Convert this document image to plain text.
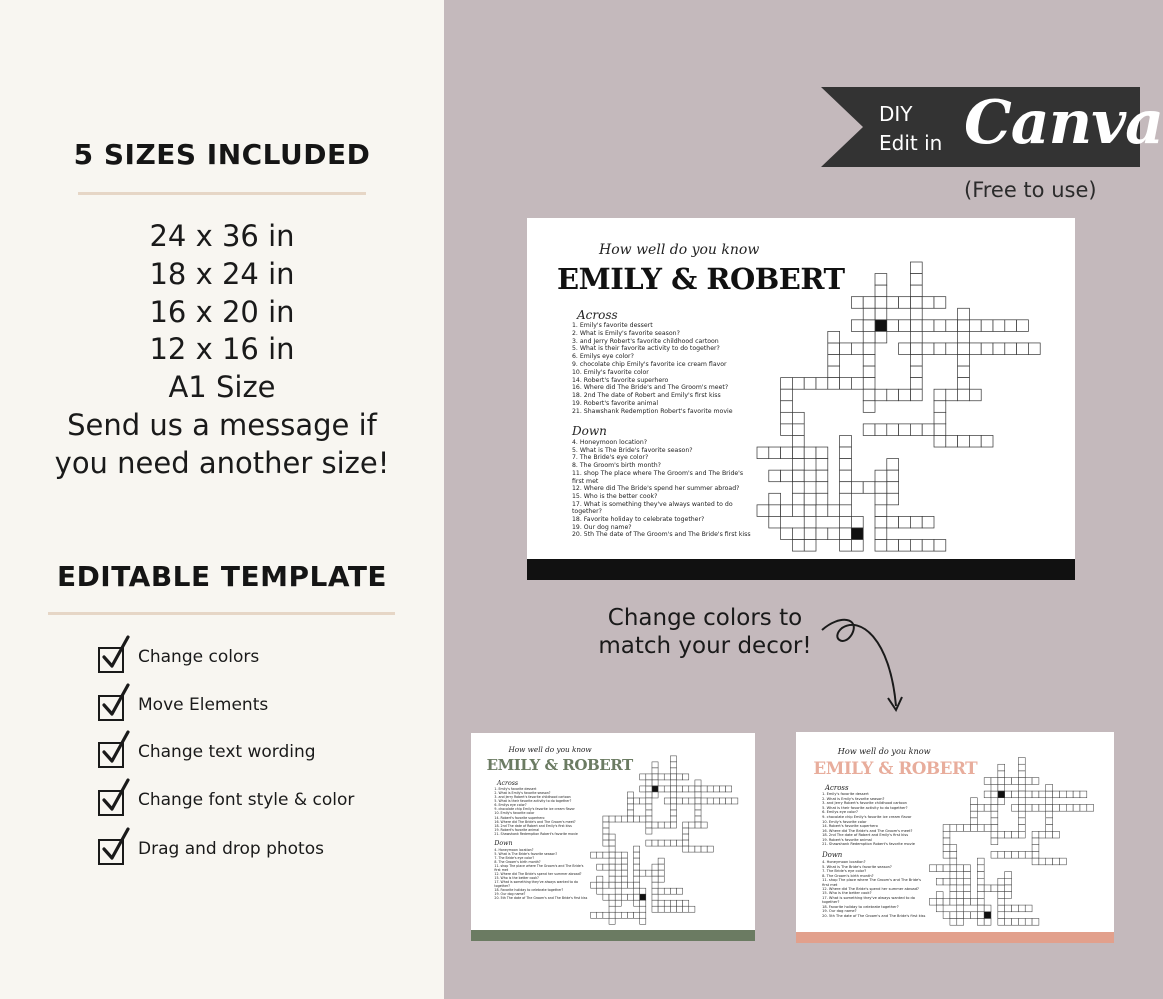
5 SIZES INCLUDED
24 x 36 in
18 x 24 in
16 x 20 in
12 x 16 in
A1 Size
Send us a message if
you need another size!
EDITABLE TEMPLATE
Change colors
Move Elements
Change text wording
Change font style & color
Drag and drop photos
DIY
Edit in Canva
(Free to use)
How well do you know
EMILY & ROBERT
Across
1. Emily's favorite dessert
2. What is Emily's favorite season?
3. and Jerry Robert's favorite childhood cartoon
5. What is their favorite activity to do together?
6. Emilys eye color?
9. chocolate chip Emily's favorite ice cream flavor
10. Emily's favorite color
14. Robert's favorite superhero
16. Where did The Bride's and The Groom's meet?
18. 2nd The date of Robert and Emily's first kiss
19. Robert's favorite animal
21. Shawshank Redemption Robert's favorite movie
Down
4. Honeymoon location?
5. What is The Bride's favorite season?
7. The Bride's eye color?
8. The Groom's birth month?
11. shop The place where The Groom's and The Bride's
first met
12. Where did The Bride's spend her summer abroad?
15. Who is the better cook?
17. What is something they've always wanted to do
together?
18. Favorite holiday to celebrate together?
19. Our dog name?
20. 5th The date of The Groom's and The Bride's first kiss
Change colors to
match your decor!
How well do you know
EMILY & ROBERT
Across
1. Emily's favorite dessert
2. What is Emily's favorite season?
3. and Jerry Robert's favorite childhood cartoon
5. What is their favorite activity to do together?
6. Emilys eye color?
9. chocolate chip Emily's favorite ice cream flavor
10. Emily's favorite color
14. Robert's favorite superhero
16. Where did The Bride's and The Groom's meet?
18. 2nd The date of Robert and Emily's first kiss
19. Robert's favorite animal
21. Shawshank Redemption Robert's favorite movie
Down
4. Honeymoon location?
5. What is The Bride's favorite season?
7. The Bride's eye color?
8. The Groom's birth month?
11. shop The place where The Groom's and The Bride's
first met
12. Where did The Bride's spend her summer abroad?
15. Who is the better cook?
17. What is something they've always wanted to do
together?
18. Favorite holiday to celebrate together?
19. Our dog name?
20. 5th The date of The Groom's and The Bride's first kiss
How well do you know
EMILY & ROBERT
Across
1. Emily's favorite dessert
2. What is Emily's favorite season?
3. and Jerry Robert's favorite childhood cartoon
5. What is their favorite activity to do together?
6. Emilys eye color?
9. chocolate chip Emily's favorite ice cream flavor
10. Emily's favorite color
14. Robert's favorite superhero
16. Where did The Bride's and The Groom's meet?
18. 2nd The date of Robert and Emily's first kiss
19. Robert's favorite animal
21. Shawshank Redemption Robert's favorite movie
Down
4. Honeymoon location?
5. What is The Bride's favorite season?
7. The Bride's eye color?
8. The Groom's birth month?
11. shop The place where The Groom's and The Bride's
first met
12. Where did The Bride's spend her summer abroad?
15. Who is the better cook?
17. What is something they've always wanted to do
together?
18. Favorite holiday to celebrate together?
19. Our dog name?
20. 5th The date of The Groom's and The Bride's first kiss
